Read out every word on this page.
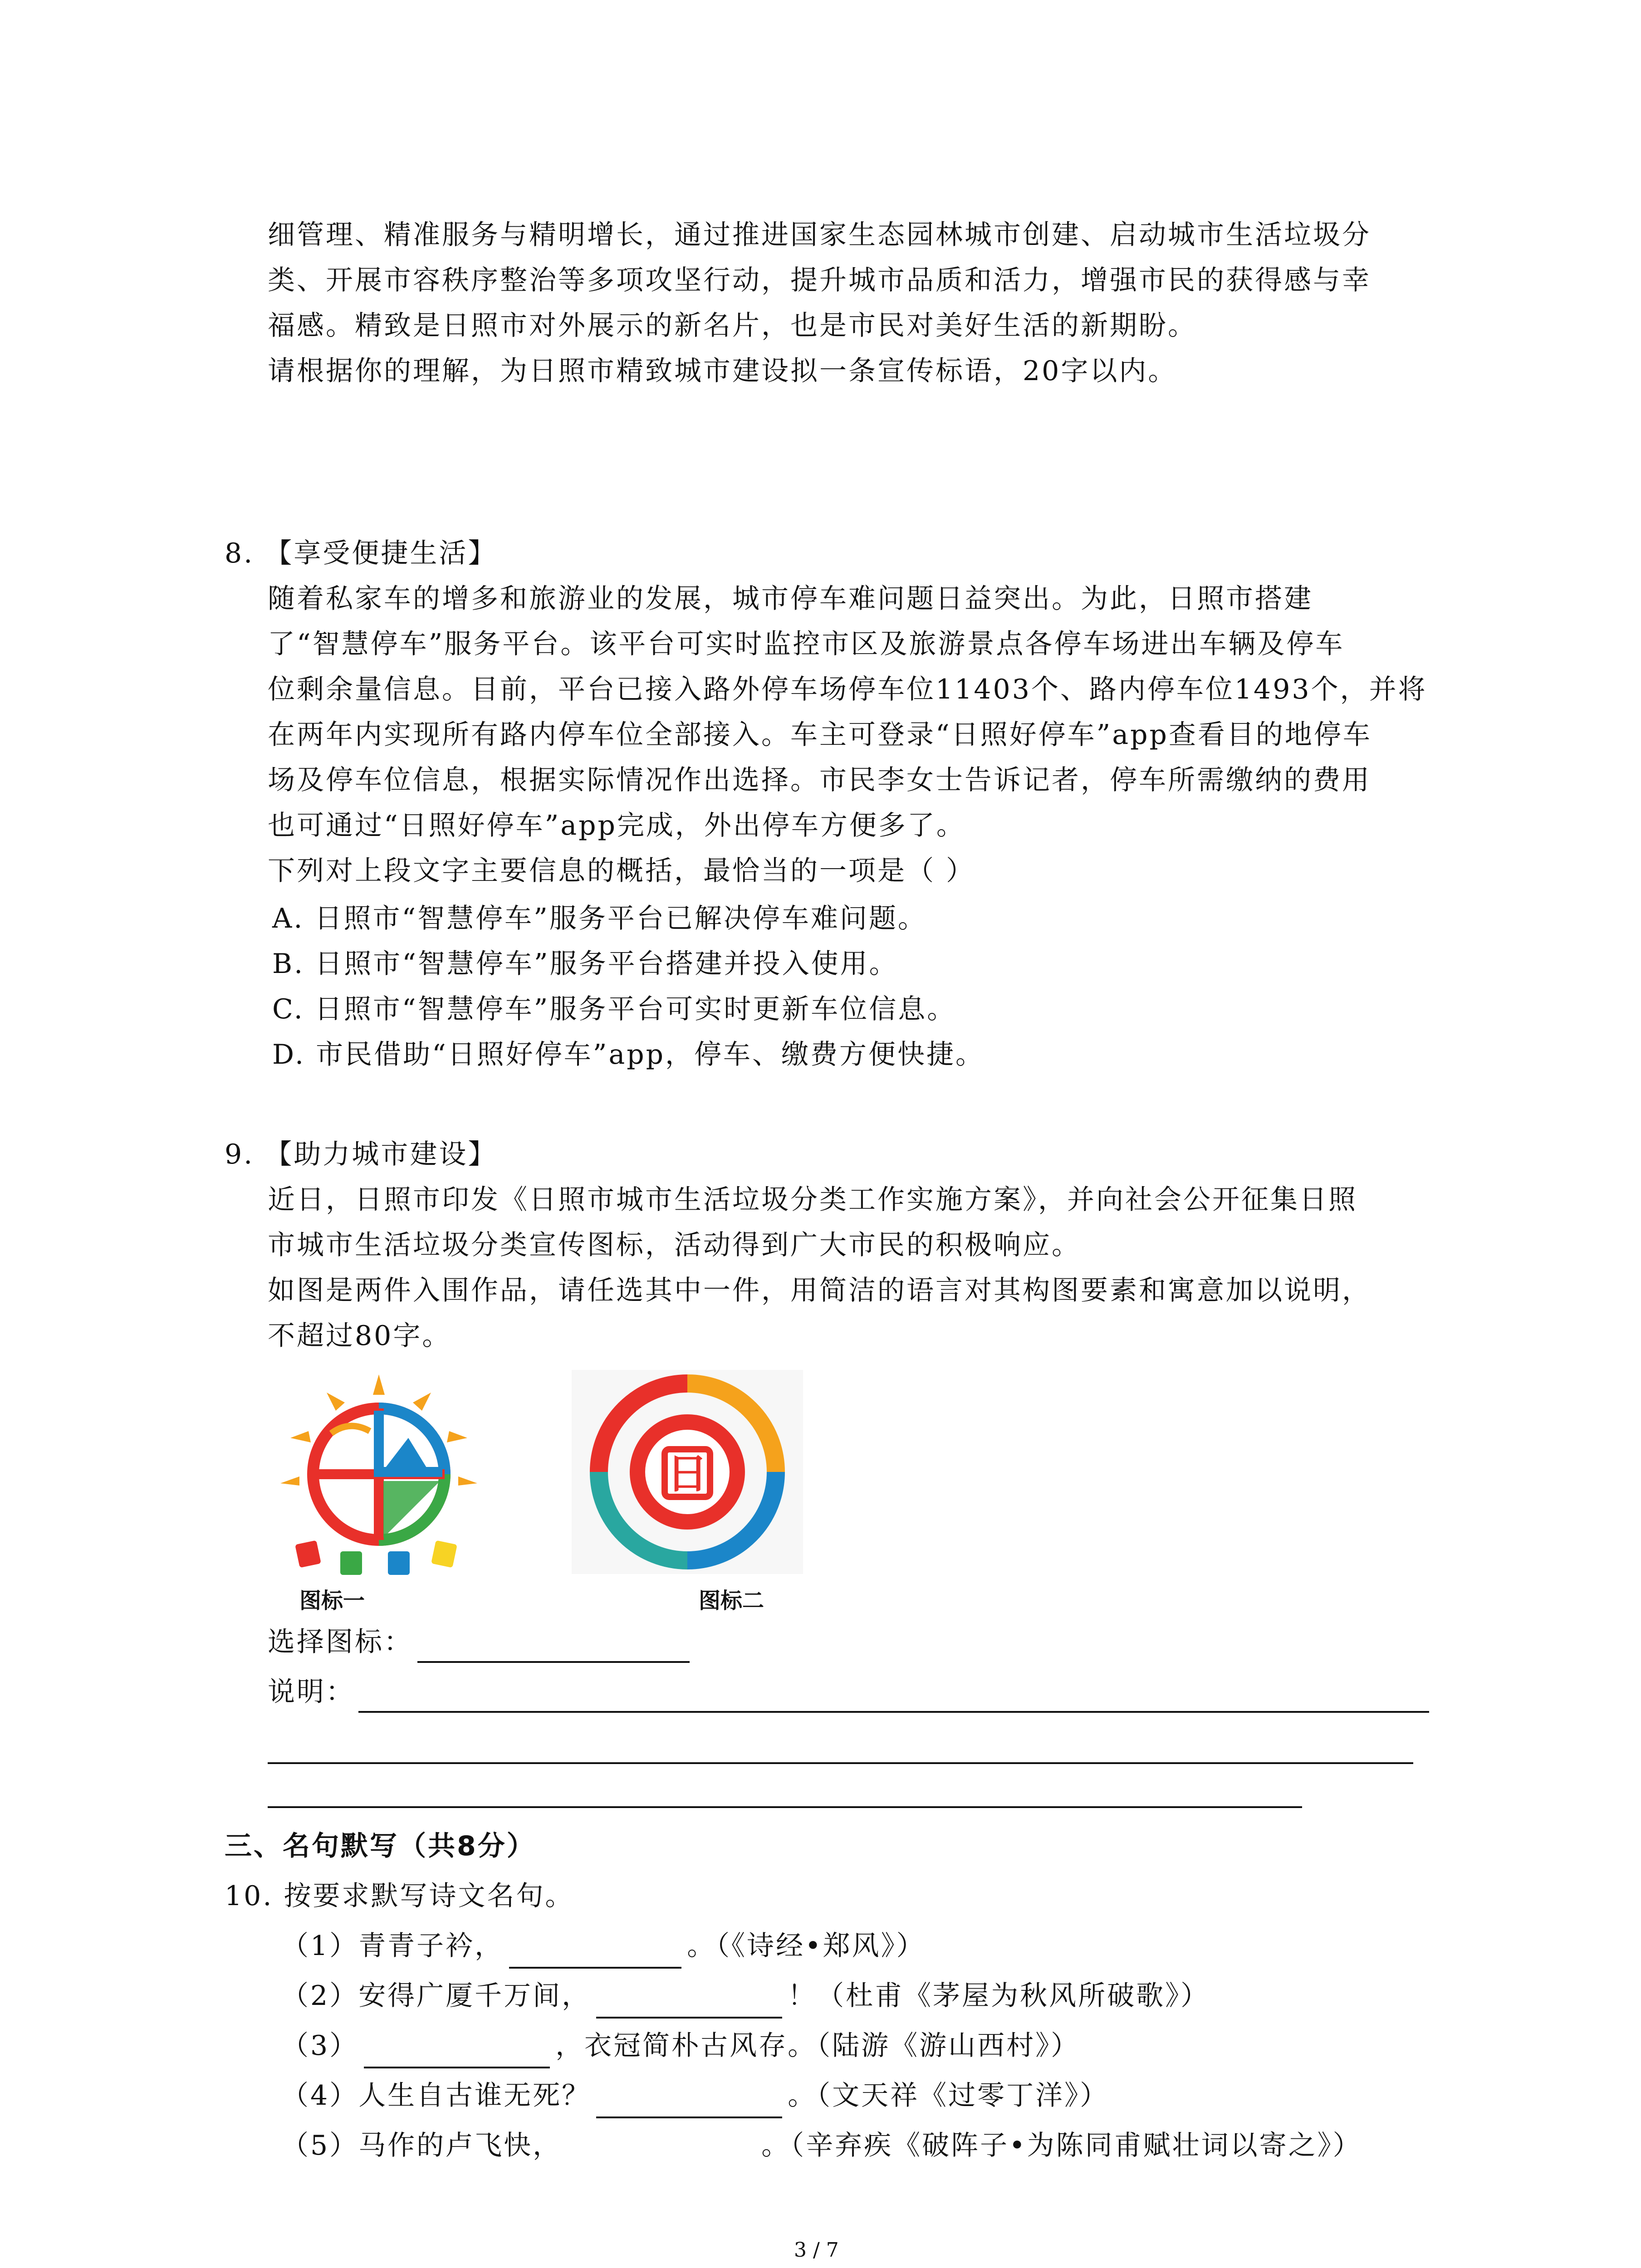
细管理、精准服务与精明增长，通过推进国家生态园林城市创建、启动城市生活垃圾分
类、开展市容秩序整治等多项攻坚行动，提升城市品质和活力，增强市民的获得感与幸
福感。精致是日照市对外展示的新名片，也是市民对美好生活的新期盼。
请根据你的理解，为日照市精致城市建设拟一条宣传标语，20字以内。
8. 【享受便捷生活】
随着私家车的增多和旅游业的发展，城市停车难问题日益突出。为此，日照市搭建
了“智慧停车”服务平台。该平台可实时监控市区及旅游景点各停车场进出车辆及停车
位剩余量信息。目前，平台已接入路外停车场停车位11403个、路内停车位1493个，并将
在两年内实现所有路内停车位全部接入。车主可登录“日照好停车”app查看目的地停车
场及停车位信息，根据实际情况作出选择。市民李女士告诉记者，停车所需缴纳的费用
也可通过“日照好停车”app完成，外出停车方便多了。
下列对上段文字主要信息的概括，最恰当的一项是（ ）
A. 日照市“智慧停车”服务平台已解决停车难问题。
B. 日照市“智慧停车”服务平台搭建并投入使用。
C. 日照市“智慧停车”服务平台可实时更新车位信息。
D. 市民借助“日照好停车”app，停车、缴费方便快捷。
9. 【助力城市建设】
近日，日照市印发《日照市城市生活垃圾分类工作实施方案》，并向社会公开征集日照
市城市生活垃圾分类宣传图标，活动得到广大市民的积极响应。
如图是两件入围作品，请任选其中一件，用简洁的语言对其构图要素和寓意加以说明，
不超过80字。
图标一
日
图标二
选择图标：
说明：
三、名句默写（共8分）
10. 按要求默写诗文名句。
（1）青青子衿，	。（《诗经•郑风》）
（2）安得广厦千万间，	！（杜甫《茅屋为秋风所破歌》）
（3）	，衣冠简朴古风存。（陆游《游山西村》）
（4）人生自古谁无死？	。（文天祥《过零丁洋》）
（5）马作的卢飞快，	。（辛弃疾《破阵子•为陈同甫赋壮词以寄之》）
3 / 7
